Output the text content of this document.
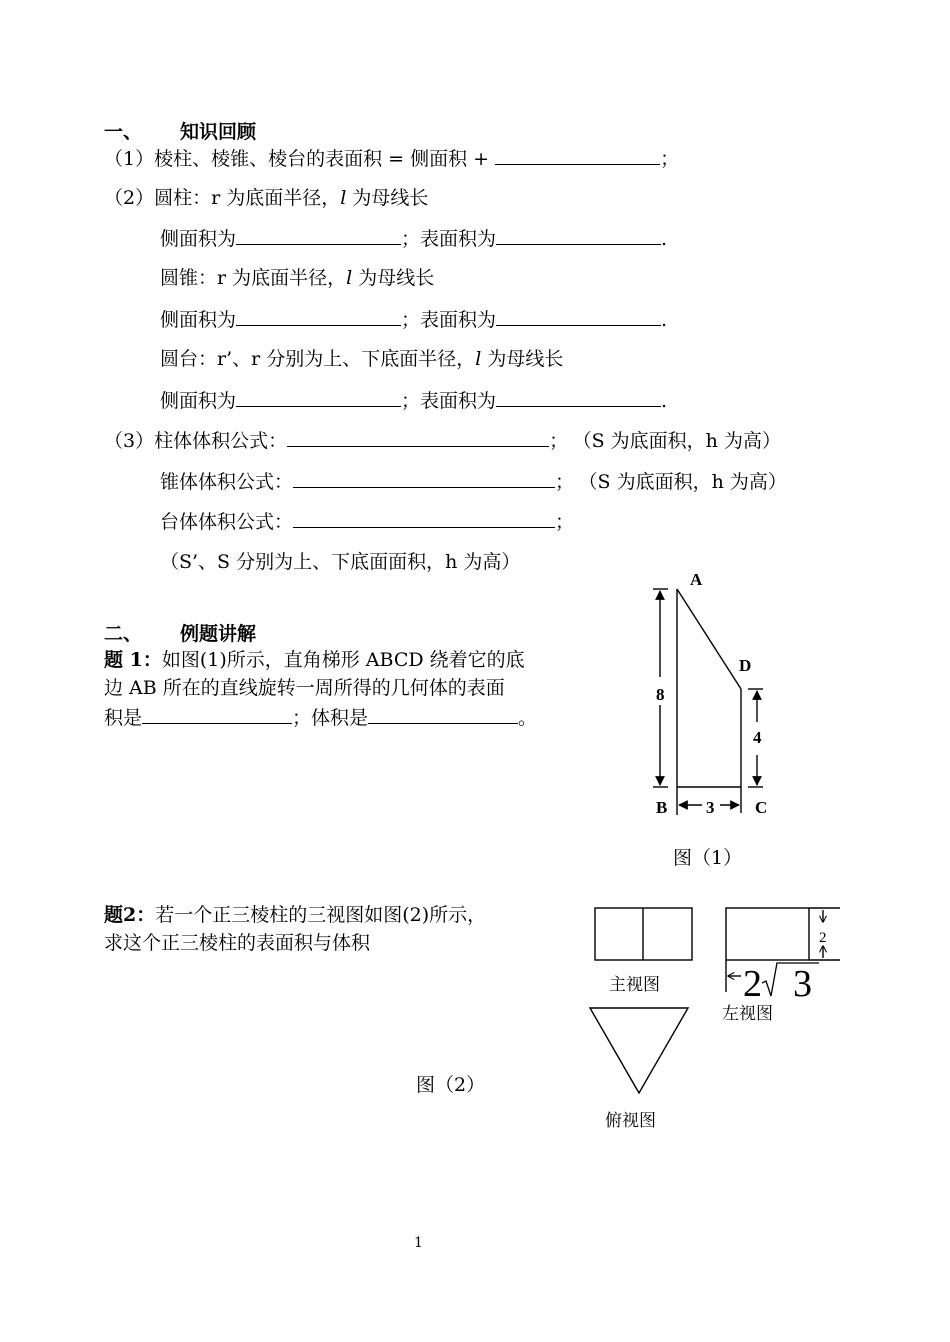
一、 知识回顾
（1）棱柱、棱锥、棱台的表面积 = 侧面积 +	；
（2）圆柱：r 为底面半径，l 为母线长
侧面积为	；表面积为	.
圆锥：r 为底面半径，l 为母线长
侧面积为	；表面积为	.
圆台：r’、r 分别为上、下底面半径，l 为母线长
侧面积为	；表面积为	.
（3）柱体体积公式：	； （S 为底面积，h 为高）
锥体体积公式：	； （S 为底面积，h 为高）
台体体积公式：	；
（S’、S 分别为上、下底面面积，h 为高）
二、 例题讲解
题 1：如图(1)所示，直角梯形 ABCD 绕着它的底
边 AB 所在的直线旋转一周所得的几何体的表面
积是	；体积是	。
题2：若一个正三棱柱的三视图如图(2)所示，
求这个正三棱柱的表面积与体积
A
D
B	C
8
4
3
图（1）
2
2 3
主视图
左视图
俯视图
图（2）
1
